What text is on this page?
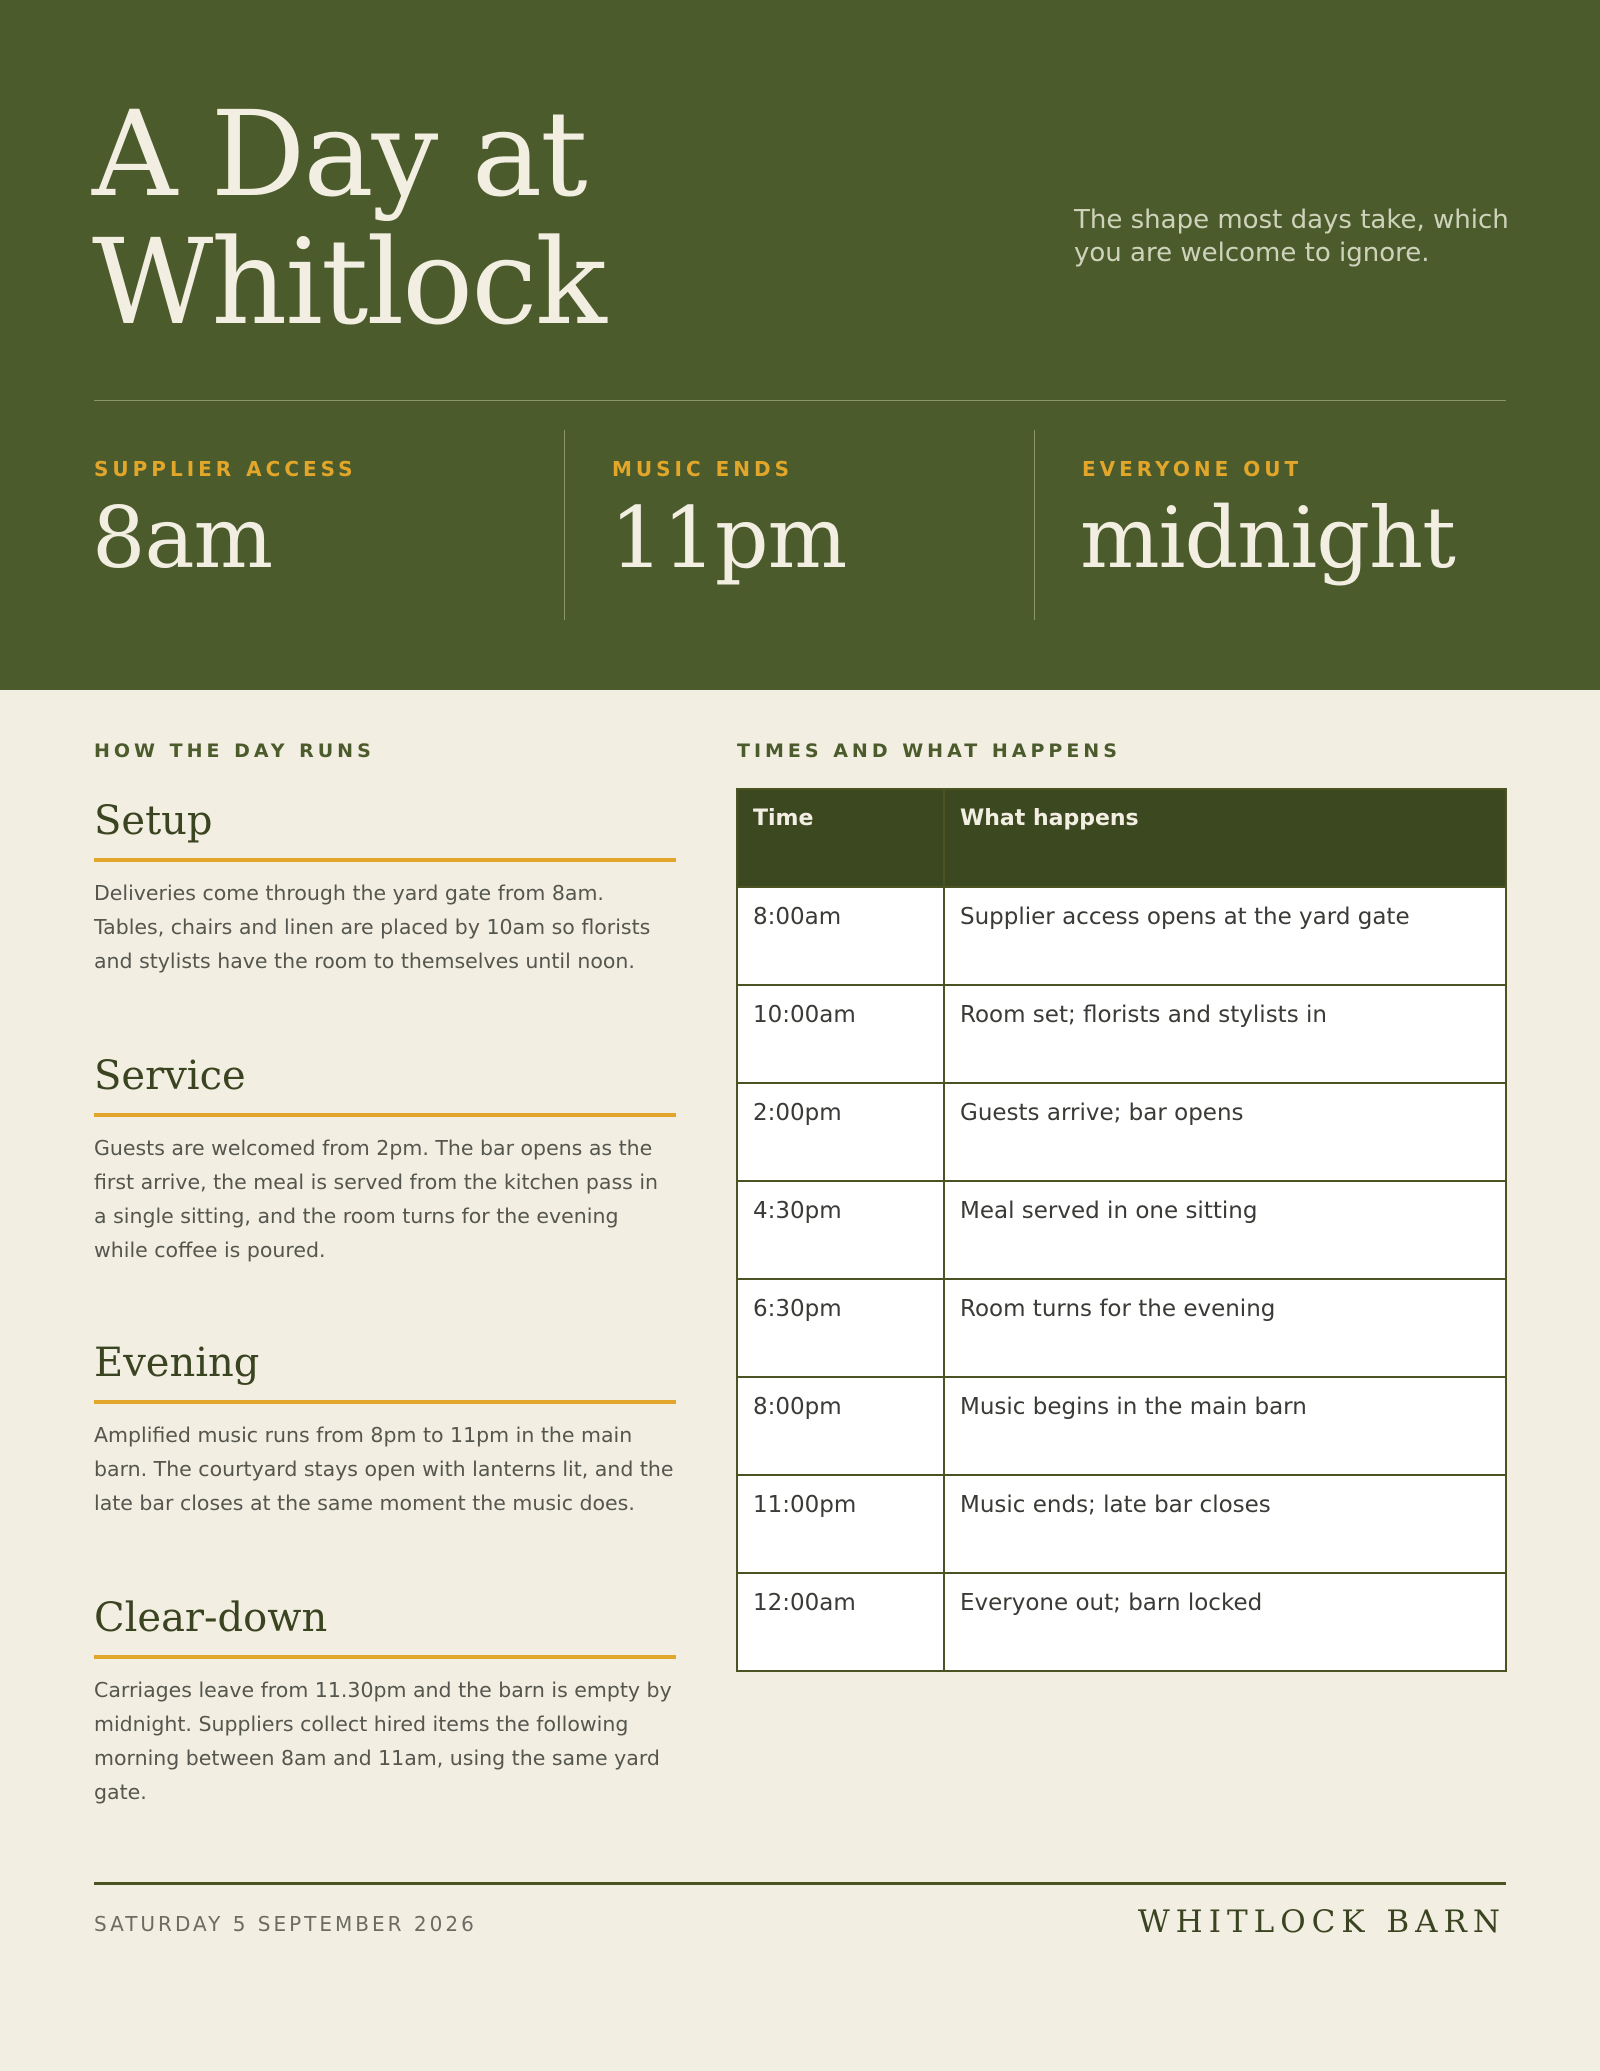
A Day at
Whitlock	The shape most days take, which you are welcome to ignore.

SUPPLIER ACCESS
8am
MUSIC ENDS
11pm
EVERYONE OUT
midnight
HOW THE DAY RUNS
Setup

Deliveries come through the yard gate from 8am. Tables, chairs and linen are placed by 10am so florists and stylists have the room to themselves until noon.

Service

Guests are welcomed from 2pm. The bar opens as the first arrive, the meal is served from the kitchen pass in a single sitting, and the room turns for the evening while coffee is poured.

Evening

Amplified music runs from 8pm to 11pm in the main barn. The courtyard stays open with lanterns lit, and the late bar closes at the same moment the music does.

Clear-down

Carriages leave from 11.30pm and the barn is empty by midnight. Suppliers collect hired items the following morning between 8am and 11am, using the same yard gate.

TIMES AND WHAT HAPPENS
Time	What happens
8:00am	Supplier access opens at the yard gate
10:00am	Room set; florists and stylists in
2:00pm	Guests arrive; bar opens
4:30pm	Meal served in one sitting
6:30pm	Room turns for the evening
8:00pm	Music begins in the main barn
11:00pm	Music ends; late bar closes
12:00am	Everyone out; barn locked
SATURDAY 5 SEPTEMBER 2026	WHITLOCK BARN
